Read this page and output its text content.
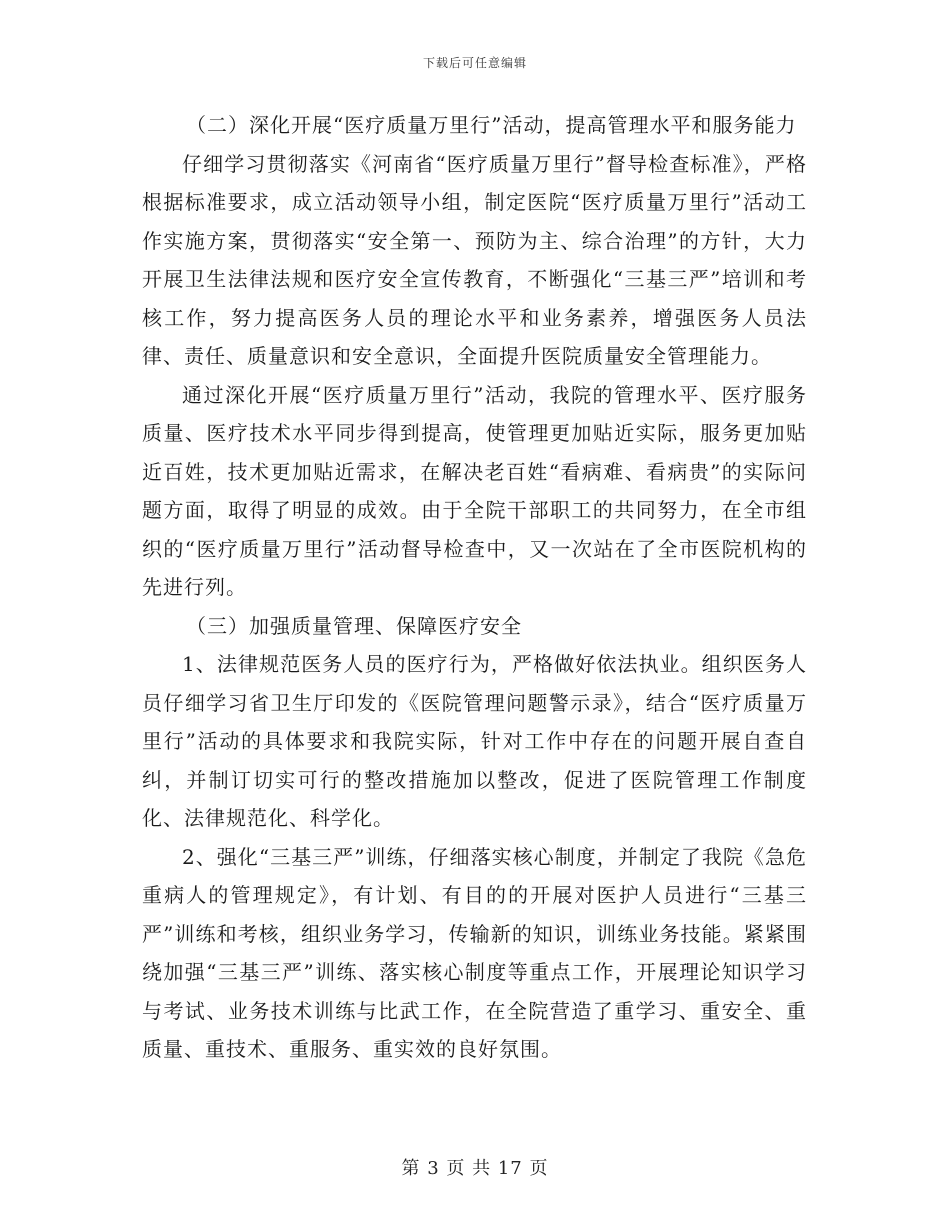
下载后可任意编辑

（二）深化开展“医疗质量万里行”活动，提高管理水平和服务能力

仔细学习贯彻落实《河南省“医疗质量万里行”督导检查标准》，严格根据标准要求，成立活动领导小组，制定医院“医疗质量万里行”活动工作实施方案，贯彻落实“安全第一、预防为主、综合治理”的方针，大力开展卫生法律法规和医疗安全宣传教育，不断强化“三基三严”培训和考核工作，努力提高医务人员的理论水平和业务素养，增强医务人员法律、责任、质量意识和安全意识，全面提升医院质量安全管理能力。

通过深化开展“医疗质量万里行”活动，我院的管理水平、医疗服务质量、医疗技术水平同步得到提高，使管理更加贴近实际，服务更加贴近百姓，技术更加贴近需求，在解决老百姓“看病难、看病贵”的实际问题方面，取得了明显的成效。由于全院干部职工的共同努力，在全市组织的“医疗质量万里行”活动督导检查中，又一次站在了全市医院机构的先进行列。

（三）加强质量管理、保障医疗安全

1、法律规范医务人员的医疗行为，严格做好依法执业。组织医务人员仔细学习省卫生厅印发的《医院管理问题警示录》，结合“医疗质量万里行”活动的具体要求和我院实际，针对工作中存在的问题开展自查自纠，并制订切实可行的整改措施加以整改，促进了医院管理工作制度化、法律规范化、科学化。

2、强化“三基三严”训练，仔细落实核心制度，并制定了我院《急危重病人的管理规定》，有计划、有目的的开展对医护人员进行“三基三严”训练和考核，组织业务学习，传输新的知识，训练业务技能。紧紧围绕加强“三基三严”训练、落实核心制度等重点工作，开展理论知识学习与考试、业务技术训练与比武工作，在全院营造了重学习、重安全、重质量、重技术、重服务、重实效的良好氛围。

第 3 页 共 17 页
